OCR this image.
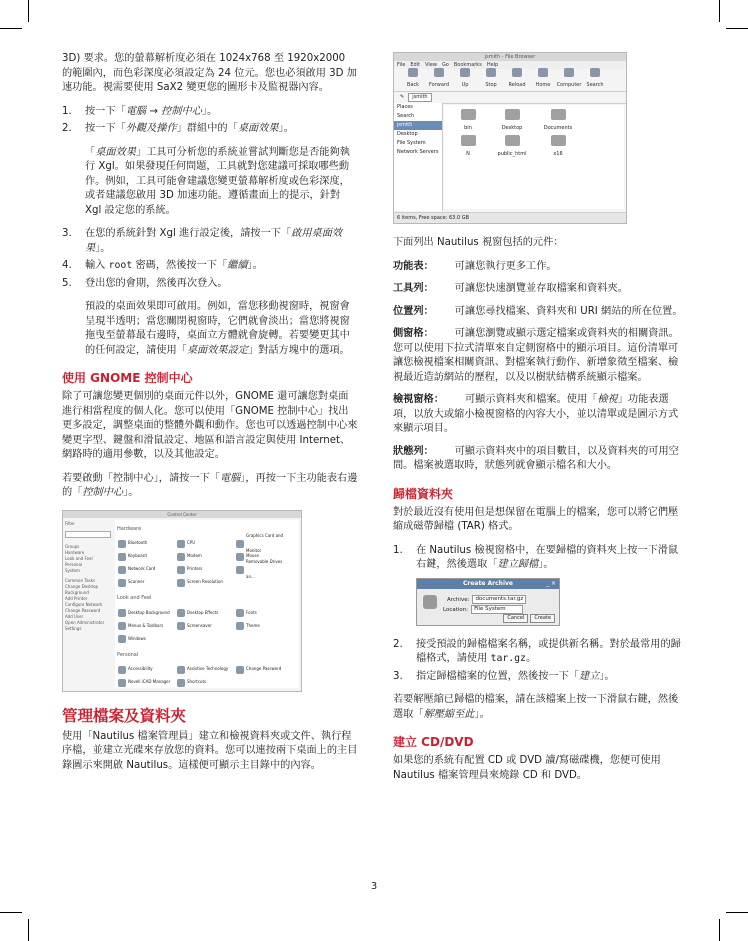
3D) 要求。您的螢幕解析度必須在 1024x768 至 1920x2000 的範圍內，而色彩深度必須設定為 24 位元。您也必須啟用 3D 加速功能。視需要使用 SaX2 變更您的圖形卡及監視器內容。

1. 按一下「電腦 → 控制中心」。
2. 按一下「外觀及操作」群組中的「桌面效果」。

「桌面效果」工具可分析您的系統並嘗試判斷您是否能夠執行 Xgl。如果發現任何問題，工具就對您建議可採取哪些動作。例如，工具可能會建議您變更螢幕解析度或色彩深度，或者建議您啟用 3D 加速功能。遵循畫面上的提示，針對 Xgl 設定您的系統。

3. 在您的系統針對 Xgl 進行設定後，請按一下「啟用桌面效果」。
4. 輸入 root 密碼，然後按一下「繼續」。
5. 登出您的會期，然後再次登入。

預設的桌面效果即可啟用。例如，當您移動視窗時，視窗會呈現半透明；當您關閉視窗時，它們就會淡出；當您將視窗拖曳至螢幕最右邊時，桌面立方體就會旋轉。若要變更其中的任何設定，請使用「桌面效果設定」對話方塊中的選項。

使用 GNOME 控制中心

除了可讓您變更個別的桌面元件以外，GNOME 還可讓您對桌面進行相當程度的個人化。您可以使用「GNOME 控制中心」找出更多設定，調整桌面的整體外觀和動作。您也可以透過控制中心來變更字型、鍵盤和滑鼠設定、地區和語言設定與使用 Internet、網路時的適用參數，以及其他設定。

若要啟動「控制中心」，請按一下「電腦」，再按一下主功能表右邊的「控制中心」。

Control Center
Filter
Groups
Hardware
Look and Feel
Personal
System
Common Tasks
Change Desktop Background
Add Printer
Configure Network
Change Password
Add User
Open Administrator Settings
Hardware
Bluetooth	CPU
Graphics Card and Monitor
Keyboard	Modem	Mouse
Network Card	Printers
Removable Drives an...
Scanner	Screen Resolution
Look and Feel
Desktop Background	Desktop Effects	Fonts
Menus & Toolbars	Screensaver	Theme
Windows
Personal
Accessibility	Assistive Technology	Change Password
Novell iCAD Manager	Shortcuts
管理檔案及資料夾

使用「Nautilus 檔案管理員」建立和檢視資料夾或文件、執行程序檔，並建立光碟來存放您的資料。您可以連按兩下桌面上的主目錄圖示來開啟 Nautilus。這樣便可顯示主目錄中的內容。

jsmith - File Browser
File Edit View Go Bookmarks Help
Back	Forward	Up	Stop	Reload	Home	Computer Search
✎	jsmith
Places
Search
jsmith
Desktop
File System
Network Servers
bin	Desktop	Documents
N	public_html	x16
6 items, Free space: 63.0 GB

下面列出 Nautilus 視窗包括的元件：

功能表： 可讓您執行更多工作。

工具列： 可讓您快速瀏覽並存取檔案和資料夾。

位置列： 可讓您尋找檔案、資料夾和 URI 網站的所在位置。

側窗格： 可讓您瀏覽或顯示選定檔案或資料夾的相關資訊。您可以使用下拉式清單來自定側窗格中的顯示項目。這份清單可讓您檢視檔案相關資訊、對檔案執行動作、新增象徵至檔案、檢視最近造訪網站的歷程，以及以樹狀結構系統顯示檔案。

檢視窗格： 可顯示資料夾和檔案。使用「檢視」功能表選項，以放大或縮小檢視窗格的內容大小，並以清單或是圖示方式來顯示項目。

狀態列： 可顯示資料夾中的項目數目，以及資料夾的可用空間。檔案被選取時，狀態列就會顯示檔名和大小。

歸檔資料夾

對於最近沒有使用但是想保留在電腦上的檔案，您可以將它們壓縮成磁帶歸檔 (TAR) 格式。

1. 在 Nautilus 檢視窗格中，在要歸檔的資料夾上按一下滑鼠右鍵，然後選取「建立歸檔」。
Create Archive	_ ×
Archive:	documents.tar.gz
Location:	File System
Cancel	Create
2. 接受預設的歸檔檔案名稱，或提供新名稱。對於最常用的歸檔格式，請使用 tar.gz。
3. 指定歸檔檔案的位置，然後按一下「建立」。

若要解壓縮已歸檔的檔案，請在該檔案上按一下滑鼠右鍵，然後選取「解壓縮至此」。

建立 CD/DVD

如果您的系統有配置 CD 或 DVD 讀/寫磁碟機，您便可使用 Nautilus 檔案管理員來燒錄 CD 和 DVD。

3
